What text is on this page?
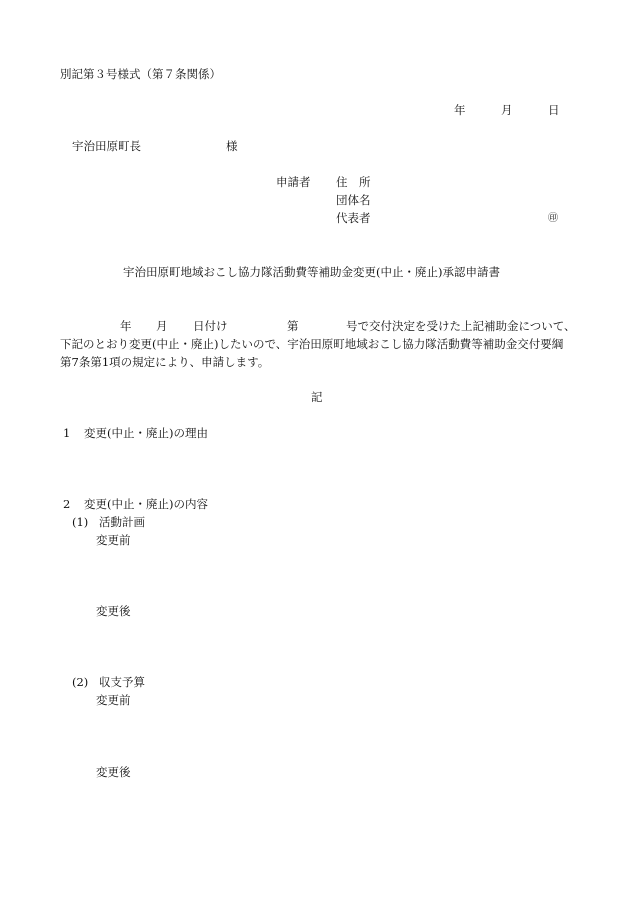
別記第３号様式（第７条関係）
年	月	日
宇治田原町長	様
申請者 住　所
団体名
代表者	㊞
宇治田原町地域おこし協力隊活動費等補助金変更(中止・廃止)承認申請書
年 月 日付け	第	号で交付決定を受けた上記補助金について、
下記のとおり変更(中止・廃止)したいので、宇治田原町地域おこし協力隊活動費等補助金交付要綱
第7条第1項の規定により、申請します。
記
1 変更(中止・廃止)の理由
2 変更(中止・廃止)の内容
(1) 活動計画
変更前
変更後
(2) 収支予算
変更前
変更後
